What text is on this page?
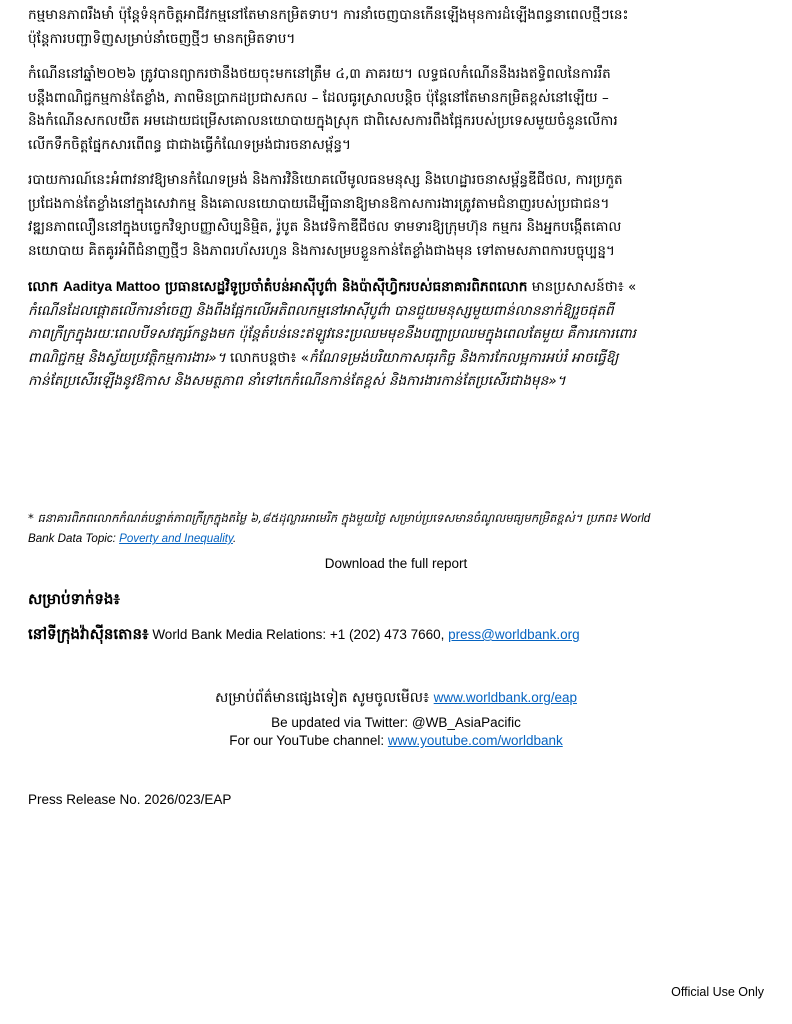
កម្មមានភាពរឹងមាំ ប៉ុន្តែទំនុកចិត្តអាជីវកម្មនៅតែមានកម្រិតទាប។ ការនាំចេញបានកើនឡើងមុនការដំឡើងពន្ធនាពេលថ្មីៗនេះ
ប៉ុន្តែការបញ្ជាទិញសម្រាប់នាំចេញថ្មីៗ មានកម្រិតទាប។

កំណើននៅឆ្នាំ២០២៦ ត្រូវបានព្យាករថានឹងថយចុះមកនៅត្រឹម ៤,៣ ភាគរយ។ លទ្ធផលកំណើននឹងរងឥទ្ធិពលនៃការរឹត
បន្តឹងពាណិជ្ជកម្មកាន់តែខ្លាំង, ភាពមិនប្រាកដប្រជាសកល – ដែលធូរស្រាលបន្តិច ប៉ុន្តែនៅតែមានកម្រិតខ្ពស់នៅឡើយ –
និងកំណើនសកលយឺត អមដោយជម្រើសគោលនយោបាយក្នុងស្រុក ជាពិសេសការពឹងផ្អែករបស់ប្រទេសមួយចំនួនលើការ
លើកទឹកចិត្តផ្នែកសារពើពន្ធ ជាជាងធ្វើកំណែទម្រង់ជារចនាសម្ព័ន្ធ។

របាយការណ៍នេះអំពាវនាវឱ្យមានកំណែទម្រង់ និងការវិនិយោគលើមូលធនមនុស្ស និងហេដ្ឋារចនាសម្ព័ន្ធឌីជីថល, ការប្រកួត
ប្រជែងកាន់តែខ្លាំងនៅក្នុងសេវាកម្ម និងគោលនយោបាយដើម្បីធានាឱ្យមានឱកាសការងារត្រូវតាមជំនាញរបស់ប្រជាជន។
វឌ្ឍនភាពលឿននៅក្នុងបច្ចេកវិទ្យាបញ្ញាសិប្បនិម្មិត, រ៉ូបូត និងវេទិកាឌីជីថល ទាមទារឱ្យក្រុមហ៊ុន កម្មករ និងអ្នកបង្កើតគោល
នយោបាយ គិតគូរអំពីជំនាញថ្មីៗ និងភាពរហ័សរហួន និងការសម្របខ្លួនកាន់តែខ្លាំងជាងមុន ទៅតាមសភាពការបច្ចុប្បន្ន។

លោក Aaditya Mattoo ប្រធានសេដ្ឋវិទូប្រចាំតំបន់អាស៊ីបូព៌ា និងប៉ាស៊ីហ្វិករបស់ធនាគារពិភពលោក មានប្រសាសន៍ថា៖ «
កំណើនដែលផ្តោតលើការនាំចេញ និងពឹងផ្អែកលើអតិពលកម្មនៅអាស៊ីបូព៌ា បានជួយមនុស្សមួយពាន់លាននាក់ឱ្យរួចផុតពី
ភាពក្រីក្រក្នុងរយៈពេលបីទសវត្សរ៍កន្លងមក ប៉ុន្តែតំបន់នេះឥឡូវនេះប្រឈមមុខនឹងបញ្ហាប្រឈមក្នុងពេលតែមួយ គឺការកោរពោរ
ពាណិជ្ជកម្ម និងស្វ័យប្រវត្តិកម្មការងារ»។ លោកបន្តថា៖ «កំណែទម្រង់បរិយាកាសធុរកិច្ច និងការកែលម្អការអប់រំ អាចធ្វើឱ្យ
កាន់តែប្រសើរឡើងនូវឱកាស និងសមត្ថភាព នាំទៅកេកំណើនកាន់តែខ្ពស់ និងការងារកាន់តែប្រសើរជាងមុន»។

* ធនាគារពិភពលោកកំណត់បន្ទាត់ភាពក្រីក្រក្នុងតម្លៃ ៦,៨៥ដុល្លារអាមេរិក ក្នុងមួយថ្ងៃ សម្រាប់ប្រទេសមានចំណូលមធ្យមកម្រិតខ្ពស់។ ប្រភព៖ World
Bank Data Topic: Poverty and Inequality.
Download the full report
សម្រាប់ទាក់ទង៖
នៅទីក្រុងវ៉ាស៊ីនតោន៖ World Bank Media Relations: +1 (202) 473 7660, press@worldbank.org
សម្រាប់ព័ត៌មានផ្សេងទៀត សូមចូលមើល៖ www.worldbank.org/eap
Be updated via Twitter: @WB_AsiaPacific
For our YouTube channel: www.youtube.com/worldbank
Press Release No. 2026/023/EAP
Official Use Only
